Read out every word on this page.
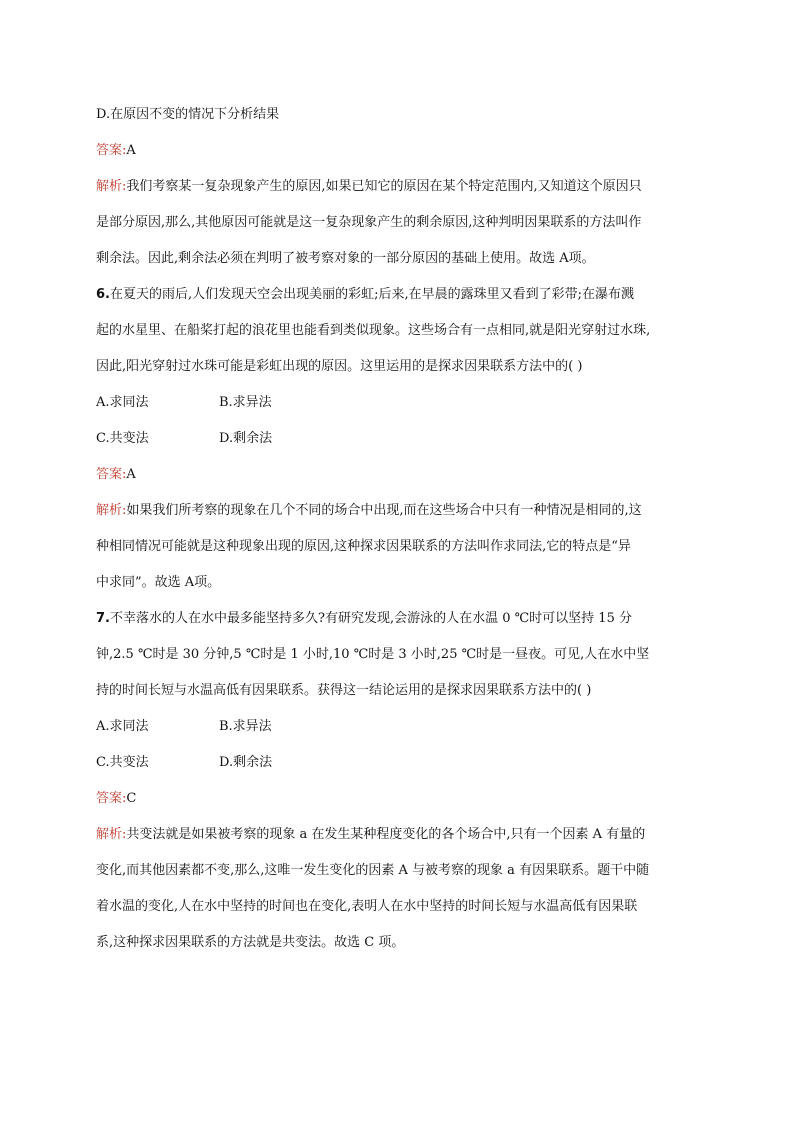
D.在原因不变的情况下分析结果
答案:A
解析:我们考察某一复杂现象产生的原因,如果已知它的原因在某个特定范围内,又知道这个原因只
是部分原因,那么,其他原因可能就是这一复杂现象产生的剩余原因,这种判明因果联系的方法叫作
剩余法。因此,剩余法必须在判明了被考察对象的一部分原因的基础上使用。故选 A项。
6.在夏天的雨后,人们发现天空会出现美丽的彩虹;后来,在早晨的露珠里又看到了彩带;在瀑布溅
起的水星里、在船桨打起的浪花里也能看到类似现象。这些场合有一点相同,就是阳光穿射过水珠,
因此,阳光穿射过水珠可能是彩虹出现的原因。这里运用的是探求因果联系方法中的( )
A.求同法	B.求异法
C.共变法	D.剩余法
答案:A
解析:如果我们所考察的现象在几个不同的场合中出现,而在这些场合中只有一种情况是相同的,这
种相同情况可能就是这种现象出现的原因,这种探求因果联系的方法叫作求同法,它的特点是“异
中求同”。故选 A项。
7.不幸落水的人在水中最多能坚持多久?有研究发现,会游泳的人在水温 0 ℃时可以坚持 15 分
钟,2.5 ℃时是 30 分钟,5 ℃时是 1 小时,10 ℃时是 3 小时,25 ℃时是一昼夜。可见,人在水中坚
持的时间长短与水温高低有因果联系。获得这一结论运用的是探求因果联系方法中的( )
A.求同法	B.求异法
C.共变法	D.剩余法
答案:C
解析:共变法就是如果被考察的现象 a 在发生某种程度变化的各个场合中,只有一个因素 A 有量的
变化,而其他因素都不变,那么,这唯一发生变化的因素 A 与被考察的现象 a 有因果联系。题干中随
着水温的变化,人在水中坚持的时间也在变化,表明人在水中坚持的时间长短与水温高低有因果联
系,这种探求因果联系的方法就是共变法。故选 C 项。
